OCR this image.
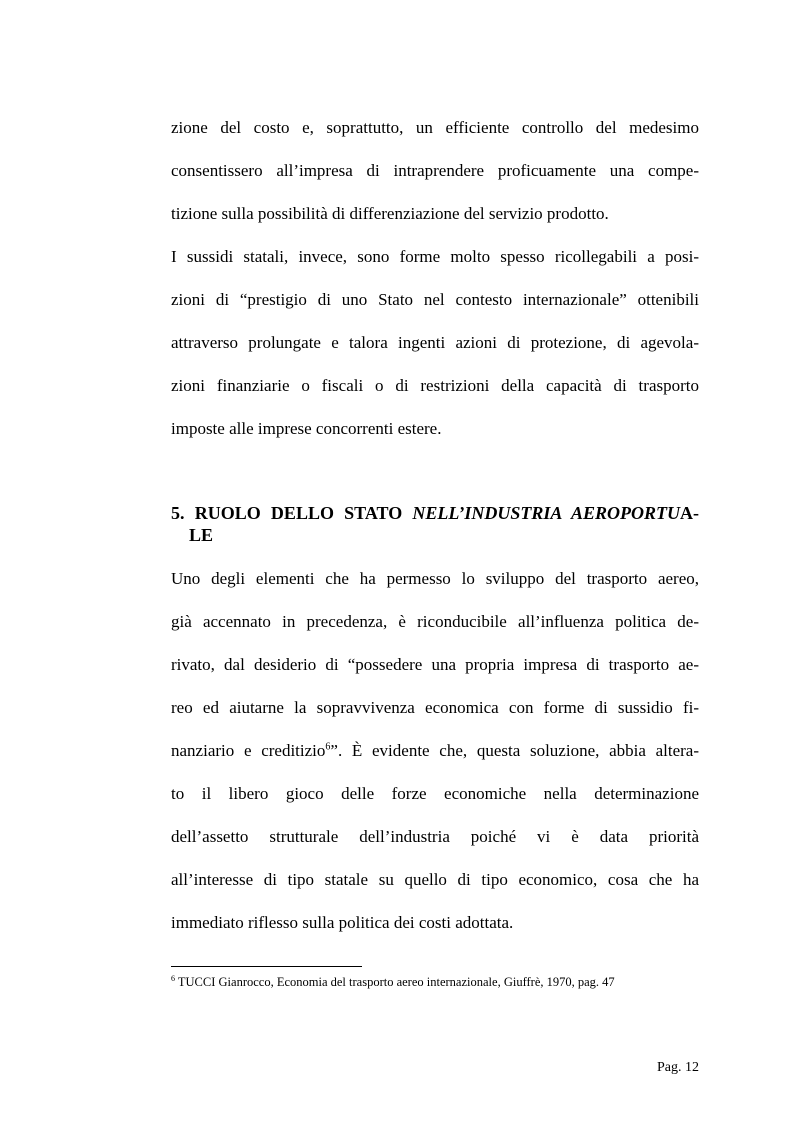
zione del costo e, soprattutto, un efficiente controllo del medesimo
consentissero all’impresa di intraprendere proficuamente una compe-
tizione sulla possibilità di differenziazione del servizio prodotto.
I sussidi statali, invece, sono forme molto spesso ricollegabili a posi-
zioni di “prestigio di uno Stato nel contesto internazionale” ottenibili
attraverso prolungate e talora ingenti azioni di protezione, di agevola-
zioni finanziarie o fiscali o di restrizioni della capacità di trasporto
imposte alle imprese concorrenti estere.
5. RUOLO DELLO STATO NELL’INDUSTRIA AEROPORTUA-
LE
Uno degli elementi che ha permesso lo sviluppo del trasporto aereo,
già accennato in precedenza, è riconducibile all’influenza politica de-
rivato, dal desiderio di “possedere una propria impresa di trasporto ae-
reo ed aiutarne la sopravvivenza economica con forme di sussidio fi-
nanziario e creditizio$^6$”. È evidente che, questa soluzione, abbia altera-
to il libero gioco delle forze economiche nella determinazione
dell’assetto strutturale dell’industria poiché vi è data priorità
all’interesse di tipo statale su quello di tipo economico, cosa che ha
immediato riflesso sulla politica dei costi adottata.
$^6$ TUCCI Gianrocco, Economia del trasporto aereo internazionale, Giuffrè, 1970, pag. 47
Pag. 12
